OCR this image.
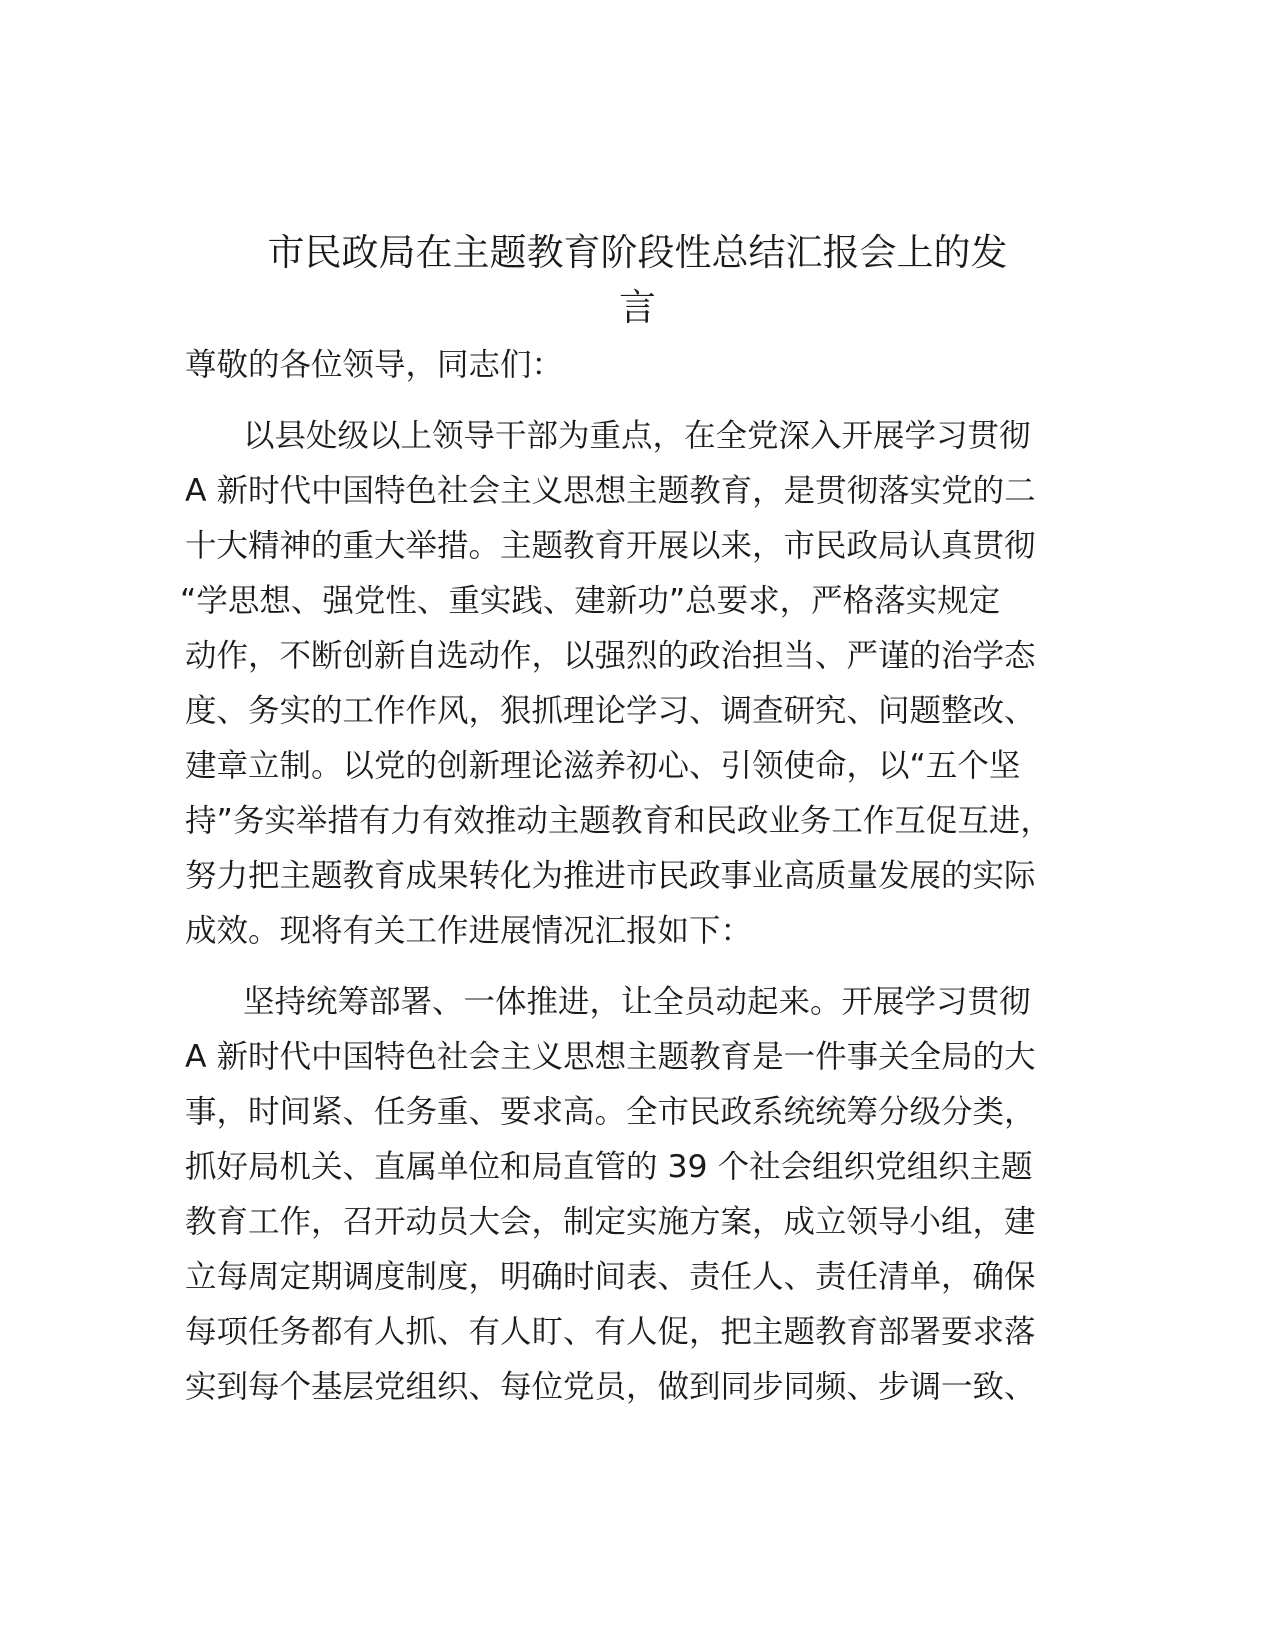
市民政局在主题教育阶段性总结汇报会上的发
言

尊敬的各位领导，同志们：

以县处级以上领导干部为重点，在全党深入开展学习贯彻

A 新时代中国特色社会主义思想主题教育，是贯彻落实党的二

十大精神的重大举措。主题教育开展以来，市民政局认真贯彻

“学思想、强党性、重实践、建新功”总要求，严格落实规定

动作，不断创新自选动作，以强烈的政治担当、严谨的治学态

度、务实的工作作风，狠抓理论学习、调查研究、问题整改、

建章立制。以党的创新理论滋养初心、引领使命，以“五个坚

持”务实举措有力有效推动主题教育和民政业务工作互促互进，

努力把主题教育成果转化为推进市民政事业高质量发展的实际

成效。现将有关工作进展情况汇报如下：

坚持统筹部署、一体推进，让全员动起来。开展学习贯彻

A 新时代中国特色社会主义思想主题教育是一件事关全局的大

事，时间紧、任务重、要求高。全市民政系统统筹分级分类，

抓好局机关、直属单位和局直管的 39 个社会组织党组织主题

教育工作，召开动员大会，制定实施方案，成立领导小组，建

立每周定期调度制度，明确时间表、责任人、责任清单，确保

每项任务都有人抓、有人盯、有人促，把主题教育部署要求落

实到每个基层党组织、每位党员，做到同步同频、步调一致、
